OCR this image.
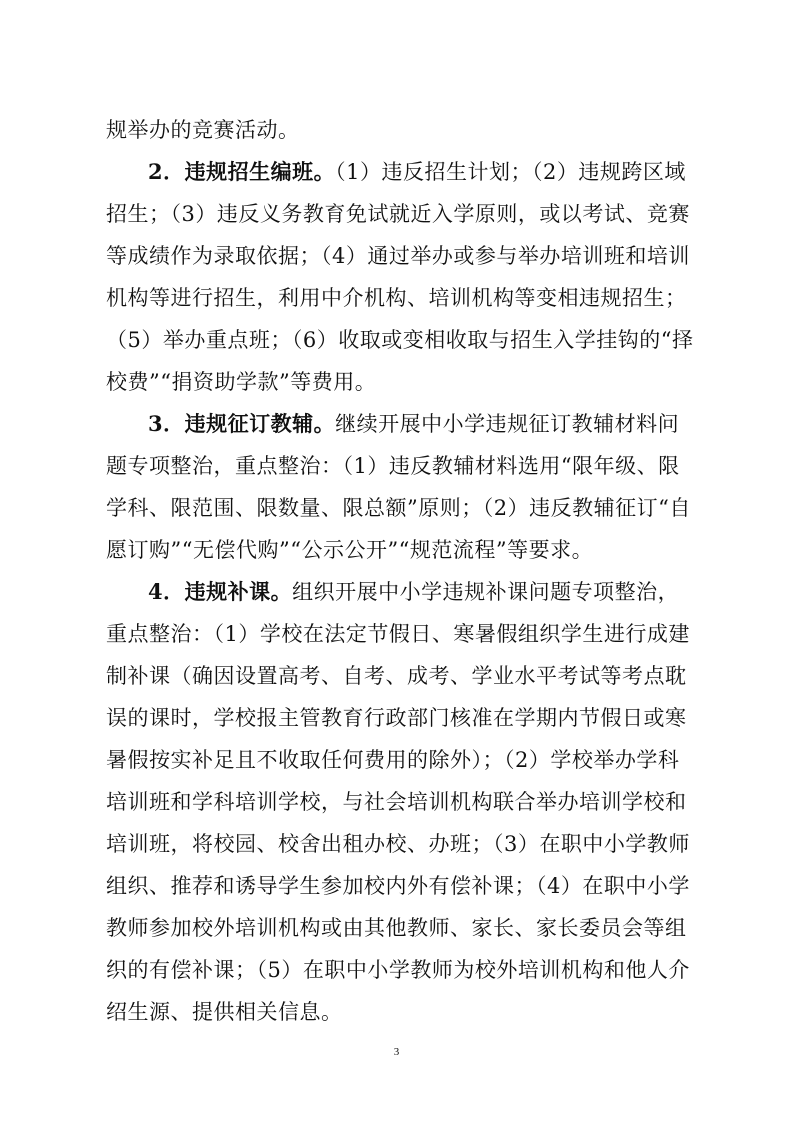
规举办的竞赛活动。
2．违规招生编班。（1）违反招生计划；（2）违规跨区域
招生；（3）违反义务教育免试就近入学原则，或以考试、竞赛
等成绩作为录取依据；（4）通过举办或参与举办培训班和培训
机构等进行招生，利用中介机构、培训机构等变相违规招生；
（5）举办重点班；（6）收取或变相收取与招生入学挂钩的“择
校费”“捐资助学款”等费用。
3．违规征订教辅。继续开展中小学违规征订教辅材料问
题专项整治，重点整治：（1）违反教辅材料选用“限年级、限
学科、限范围、限数量、限总额”原则；（2）违反教辅征订“自
愿订购”“无偿代购”“公示公开”“规范流程”等要求。
4．违规补课。组织开展中小学违规补课问题专项整治，
重点整治：（1）学校在法定节假日、寒暑假组织学生进行成建
制补课（确因设置高考、自考、成考、学业水平考试等考点耽
误的课时，学校报主管教育行政部门核准在学期内节假日或寒
暑假按实补足且不收取任何费用的除外）；（2）学校举办学科
培训班和学科培训学校，与社会培训机构联合举办培训学校和
培训班，将校园、校舍出租办校、办班；（3）在职中小学教师
组织、推荐和诱导学生参加校内外有偿补课；（4）在职中小学
教师参加校外培训机构或由其他教师、家长、家长委员会等组
织的有偿补课；（5）在职中小学教师为校外培训机构和他人介
绍生源、提供相关信息。
3
